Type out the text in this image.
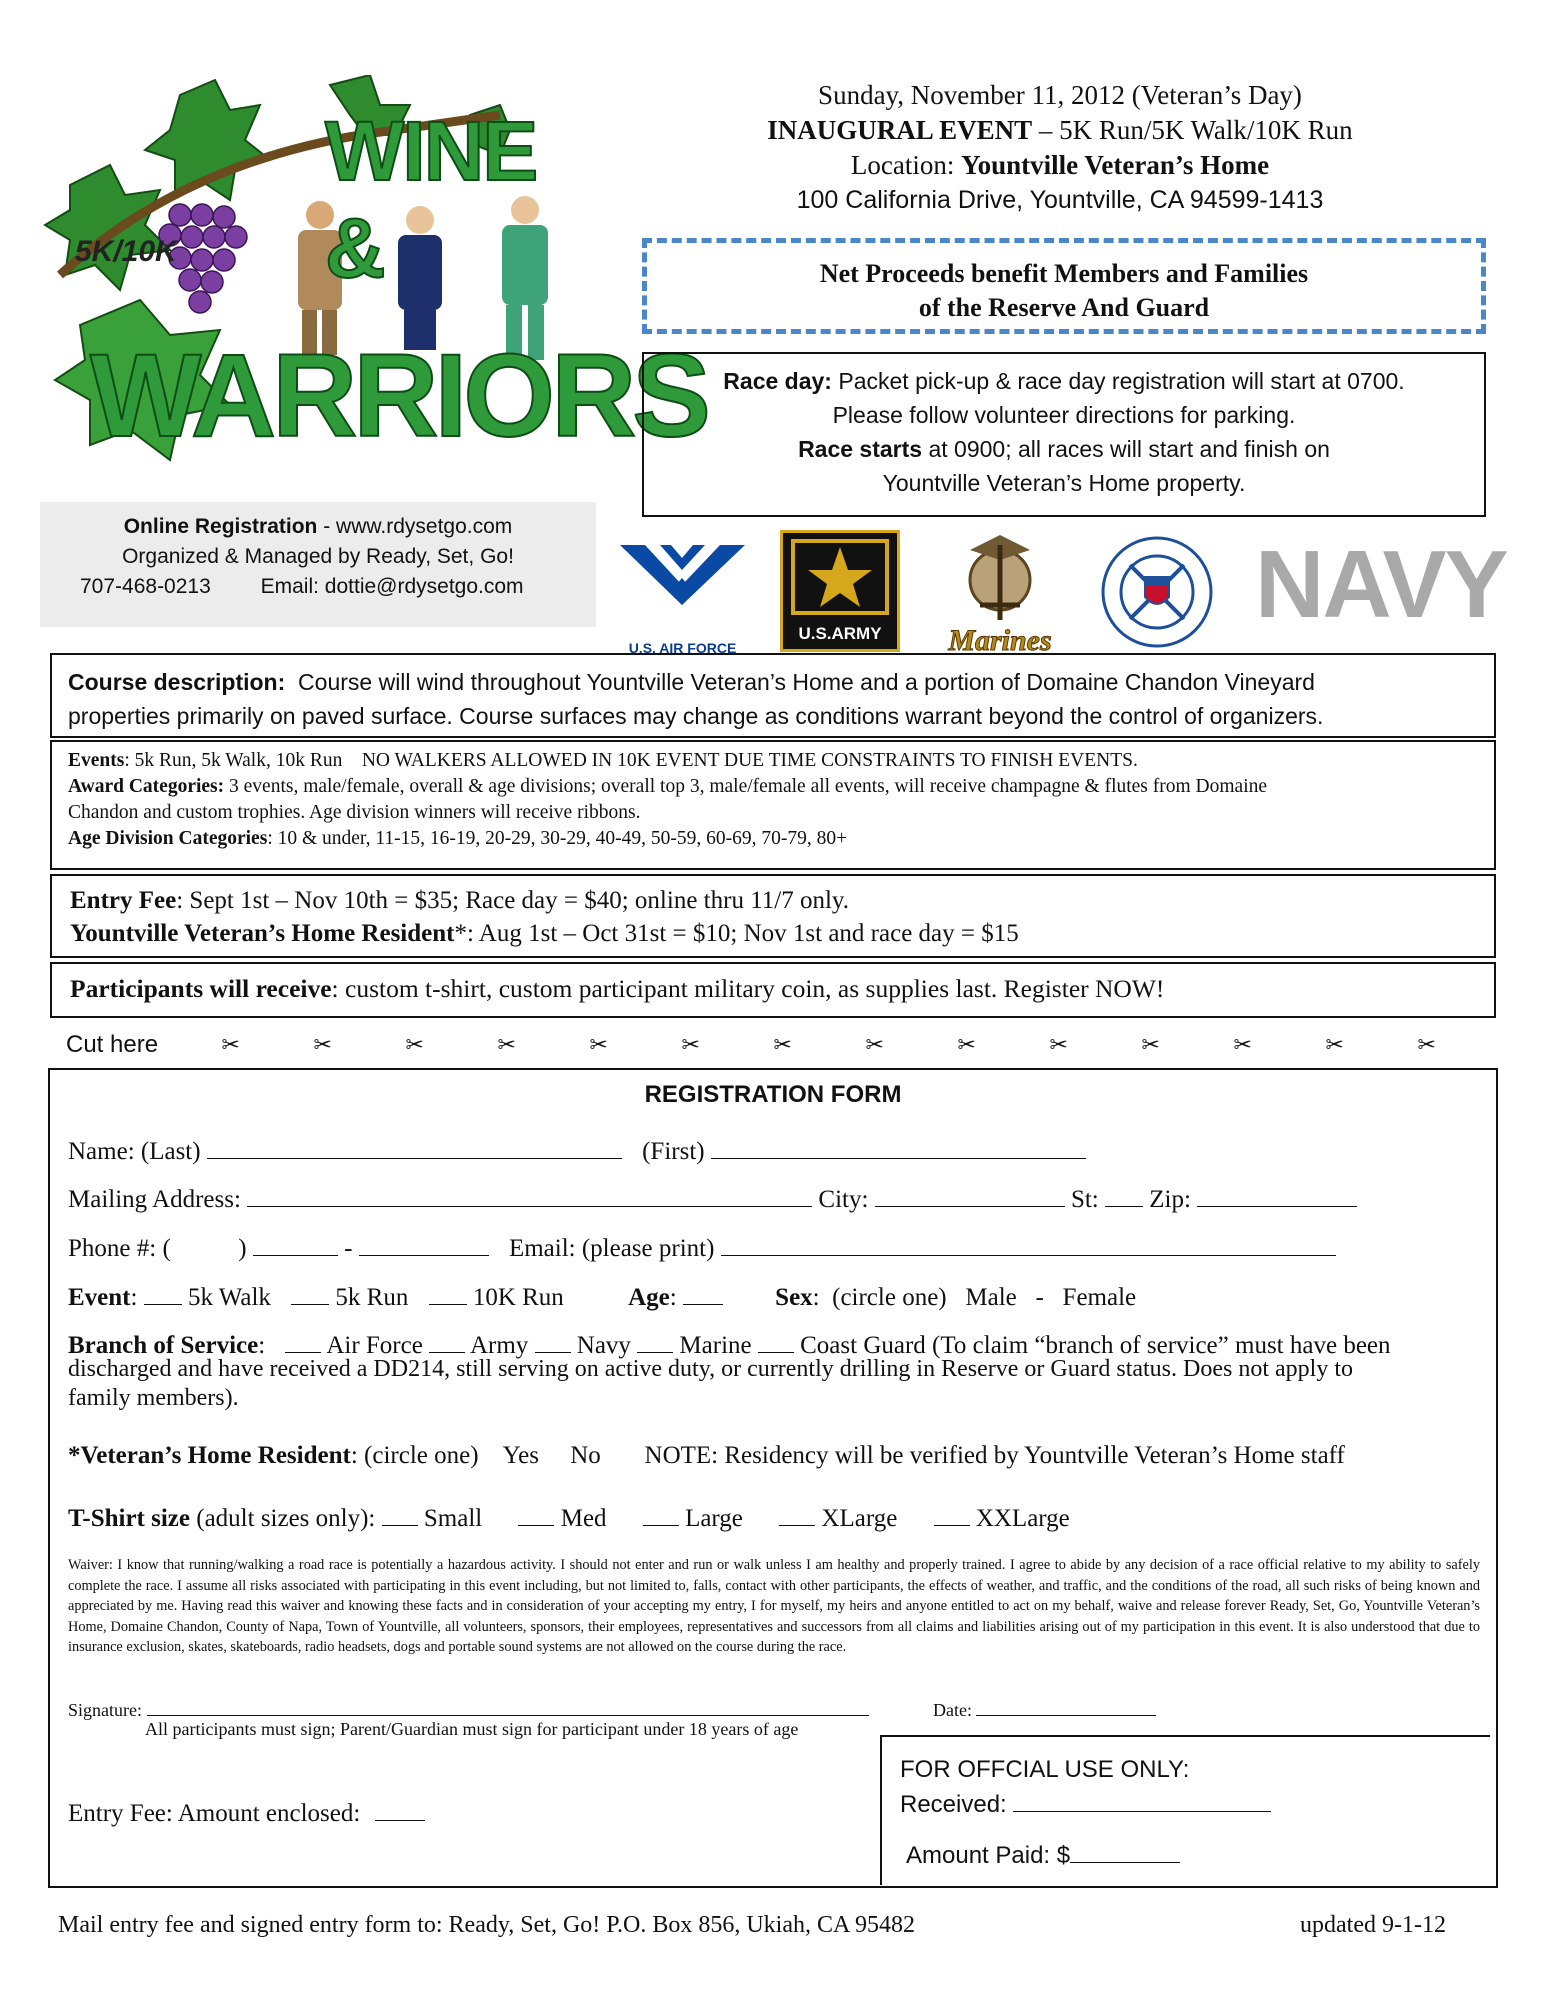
WINE &
5K/10K
WARRIORS
Sunday, November 11, 2012 (Veteran’s Day)
INAUGURAL EVENT – 5K Run/5K Walk/10K Run
Location: Yountville Veteran’s Home
100 California Drive, Yountville, CA 94599-1413
Net Proceeds benefit Members and Families
of the Reserve And Guard
Race day: Packet pick-up & race day registration will start at 0700.
Please follow volunteer directions for parking.
Race starts at 0900; all races will start and finish on
Yountville Veteran’s Home property.
Online Registration - www.rdysetgo.com
Organized & Managed by Ready, Set, Go!
707-468-0213 Email: dottie@rdysetgo.com
U.S. AIR FORCE
U.S.ARMY	Marines
NAVY
Course description:  Course will wind throughout Yountville Veteran’s Home and a portion of Domaine Chandon Vineyard
properties primarily on paved surface. Course surfaces may change as conditions warrant beyond the control of organizers.
Events: 5k Run, 5k Walk, 10k Run    NO WALKERS ALLOWED IN 10K EVENT DUE TIME CONSTRAINTS TO FINISH EVENTS.
Award Categories: 3 events, male/female, overall & age divisions; overall top 3, male/female all events, will receive champagne & flutes from Domaine
Chandon and custom trophies. Age division winners will receive ribbons.
Age Division Categories: 10 & under, 11-15, 16-19, 20-29, 30-29, 40-49, 50-59, 60-69, 70-79, 80+
Entry Fee: Sept 1st – Nov 10th = $35; Race day = $40; online thru 11/7 only.
Yountville Veteran’s Home Resident*: Aug 1st – Oct 31st = $10; Nov 1st and race day = $15
Participants will receive: custom t-shirt, custom participant military coin, as supplies last. Register NOW!
Cut here	✂	✂	✂	✂	✂	✂	✂	✂	✂	✂	✂	✂	✂	✂
REGISTRATION FORM
Name: (Last)	(First)
Mailing Address:	City:	St: Zip:
Phone #: (	)	-	Email: (please print)
Event: 5k Walk	5k Run	10K Run	Age:	Sex:  (circle one)   Male   -   Female
Branch of Service: Air Force Army Navy Marine Coast Guard (To claim “branch of service” must have been
discharged and have received a DD214, still serving on active duty, or currently drilling in Reserve or Guard status. Does not apply to
family members).
*Veteran’s Home Resident: (circle one)    Yes     No       NOTE: Residency will be verified by Yountville Veteran’s Home staff
T-Shirt size (adult sizes only): Small	Med	Large	XLarge	XXLarge
Waiver: I know that running/walking a road race is potentially a hazardous activity. I should not enter and run or walk unless I am healthy and properly trained. I agree to abide by any decision of a race official relative to my ability to safely complete the race. I assume all risks associated with participating in this event including, but not limited to, falls, contact with other participants, the effects of weather, and traffic, and the conditions of the road, all such risks of being known and appreciated by me. Having read this waiver and knowing these facts and in consideration of your accepting my entry, I for myself, my heirs and anyone entitled to act on my behalf, waive and release forever Ready, Set, Go, Yountville Veteran’s Home, Domaine Chandon, County of Napa, Town of Yountville, all volunteers, sponsors, their employees, representatives and successors from all claims and liabilities arising out of my participation in this event. It is also understood that due to insurance exclusion, skates, skateboards, radio headsets, dogs and portable sound systems are not allowed on the course during the race.
Signature:	Date:
All participants must sign; Parent/Guardian must sign for participant under 18 years of age
Entry Fee: Amount enclosed:
FOR OFFCIAL USE ONLY:
Received:
Amount Paid: $
Mail entry fee and signed entry form to: Ready, Set, Go! P.O. Box 856, Ukiah, CA 95482	updated 9-1-12
